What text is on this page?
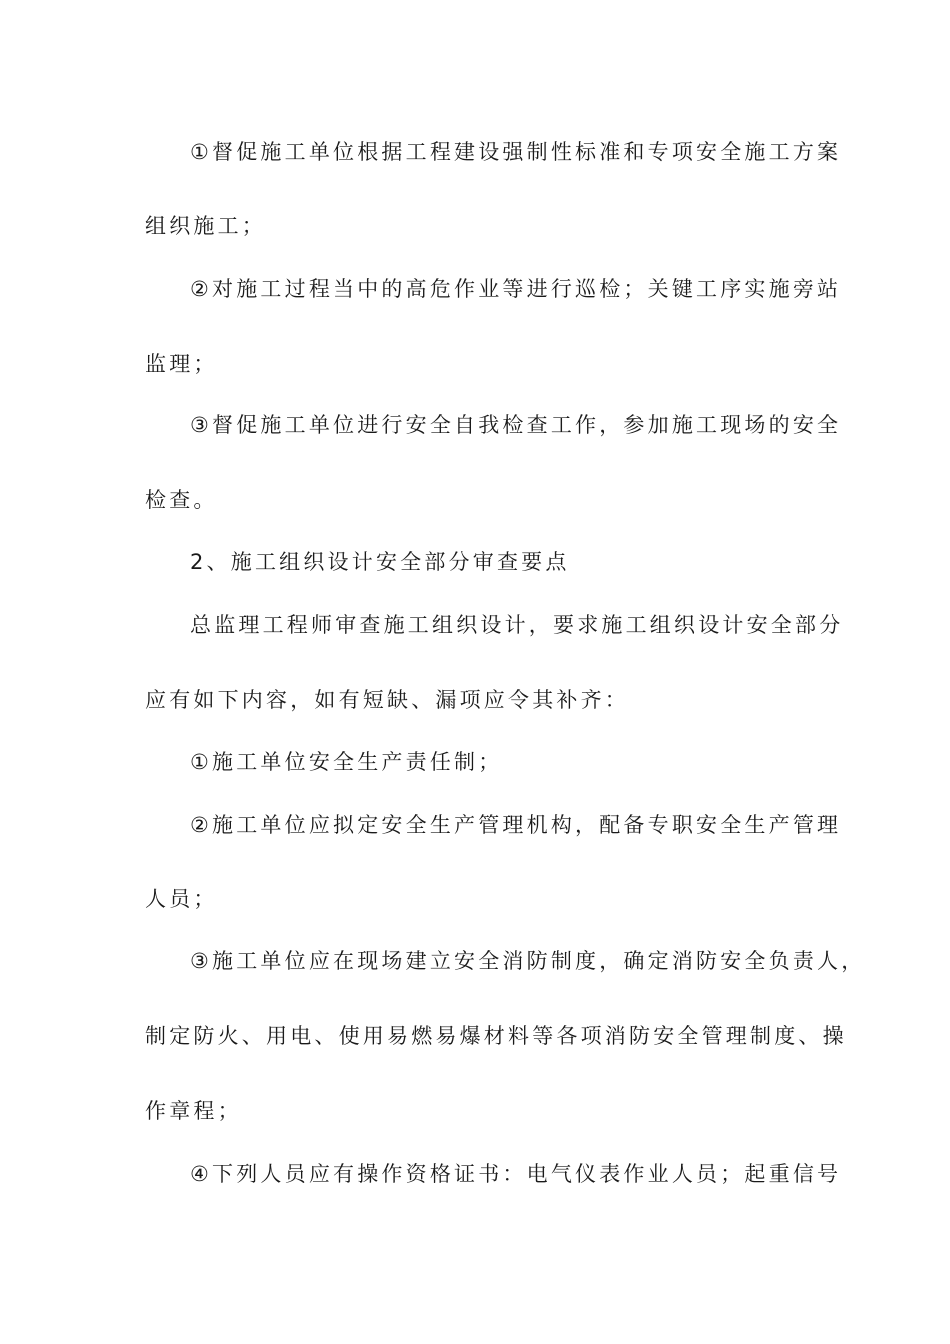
①督促施工单位根据工程建设强制性标准和专项安全施工方案
组织施工；
②对施工过程当中的高危作业等进行巡检；关键工序实施旁站
监理；
③督促施工单位进行安全自我检查工作，参加施工现场的安全
检查。
2、施工组织设计安全部分审查要点
总监理工程师审查施工组织设计，要求施工组织设计安全部分
应有如下内容，如有短缺、漏项应令其补齐：
①施工单位安全生产责任制；
②施工单位应拟定安全生产管理机构，配备专职安全生产管理
人员；
③施工单位应在现场建立安全消防制度，确定消防安全负责人，
制定防火、用电、使用易燃易爆材料等各项消防安全管理制度、操
作章程；
④下列人员应有操作资格证书：电气仪表作业人员；起重信号
